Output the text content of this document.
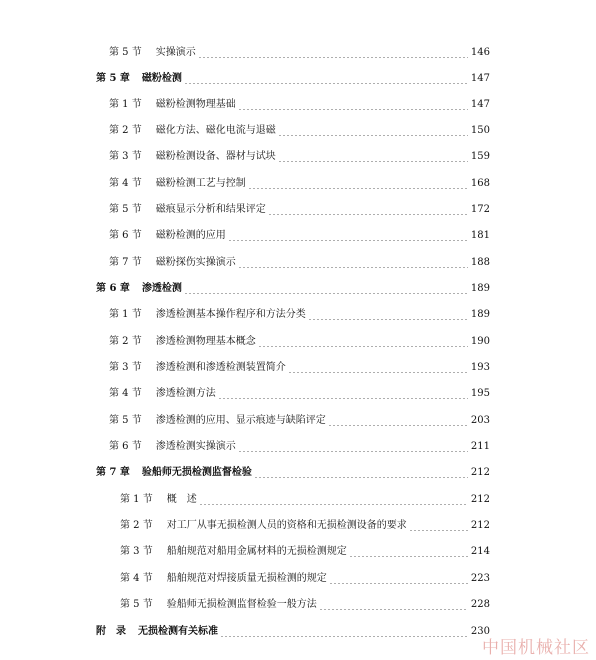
第 5 节 实操演示	146
第 5 章 磁粉检测	147
第 1 节 磁粉检测物理基础	147
第 2 节 磁化方法、磁化电流与退磁	150
第 3 节 磁粉检测设备、器材与试块	159
第 4 节 磁粉检测工艺与控制	168
第 5 节 磁痕显示分析和结果评定	172
第 6 节 磁粉检测的应用	181
第 7 节 磁粉探伤实操演示	188
第 6 章 渗透检测	189
第 1 节 渗透检测基本操作程序和方法分类	189
第 2 节 渗透检测物理基本概念	190
第 3 节 渗透检测和渗透检测装置简介	193
第 4 节 渗透检测方法	195
第 5 节 渗透检测的应用、显示痕迹与缺陷评定	203
第 6 节 渗透检测实操演示	211
第 7 章 验船师无损检测监督检验	212
第 1 节 概　述	212
第 2 节 对工厂从事无损检测人员的资格和无损检测设备的要求	212
第 3 节 船舶规范对船用金属材料的无损检测规定	214
第 4 节 船舶规范对焊接质量无损检测的规定	223
第 5 节 验船师无损检测监督检验一般方法	228
附　录 无损检测有关标准	230
中国机械社区
